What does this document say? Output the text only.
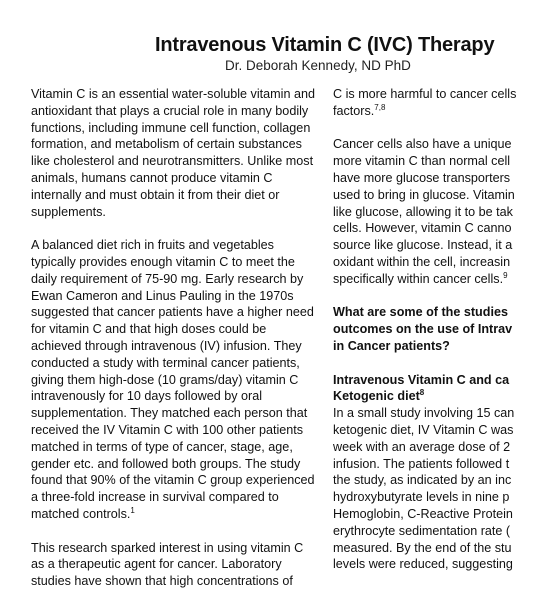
Intravenous Vitamin C (IVC) Therapy
Dr. Deborah Kennedy, ND PhD

Vitamin C is an essential water-soluble vitamin and
antioxidant that plays a crucial role in many bodily
functions, including immune cell function, collagen
formation, and metabolism of certain substances
like cholesterol and neurotransmitters. Unlike most
animals, humans cannot produce vitamin C
internally and must obtain it from their diet or
supplements.

A balanced diet rich in fruits and vegetables
typically provides enough vitamin C to meet the
daily requirement of 75-90 mg. Early research by
Ewan Cameron and Linus Pauling in the 1970s
suggested that cancer patients have a higher need
for vitamin C and that high doses could be
achieved through intravenous (IV) infusion. They
conducted a study with terminal cancer patients,
giving them high-dose (10 grams/day) vitamin C
intravenously for 10 days followed by oral
supplementation. They matched each person that
received the IV Vitamin C with 100 other patients
matched in terms of type of cancer, stage, age,
gender etc. and followed both groups. The study
found that 90% of the vitamin C group experienced
a three-fold increase in survival compared to
matched controls.$^1$

This research sparked interest in using vitamin C
as a therapeutic agent for cancer. Laboratory
studies have shown that high concentrations of

C is more harmful to cancer cells
factors.$^{7,8}$

Cancer cells also have a unique
more vitamin C than normal cell
have more glucose transporters
used to bring in glucose. Vitamin
like glucose, allowing it to be tak
cells. However, vitamin C canno
source like glucose. Instead, it a
oxidant within the cell, increasin
specifically within cancer cells.$^9$

What are some of the studies
outcomes on the use of Intrav
in Cancer patients?

Intravenous Vitamin C and ca
Ketogenic diet$^8$

In a small study involving 15 can
ketogenic diet, IV Vitamin C was
week with an average dose of 2
infusion. The patients followed t
the study, as indicated by an inc
hydroxybutyrate levels in nine p
Hemoglobin, C-Reactive Protein
erythrocyte sedimentation rate (
measured. By the end of the stu
levels were reduced, suggesting
